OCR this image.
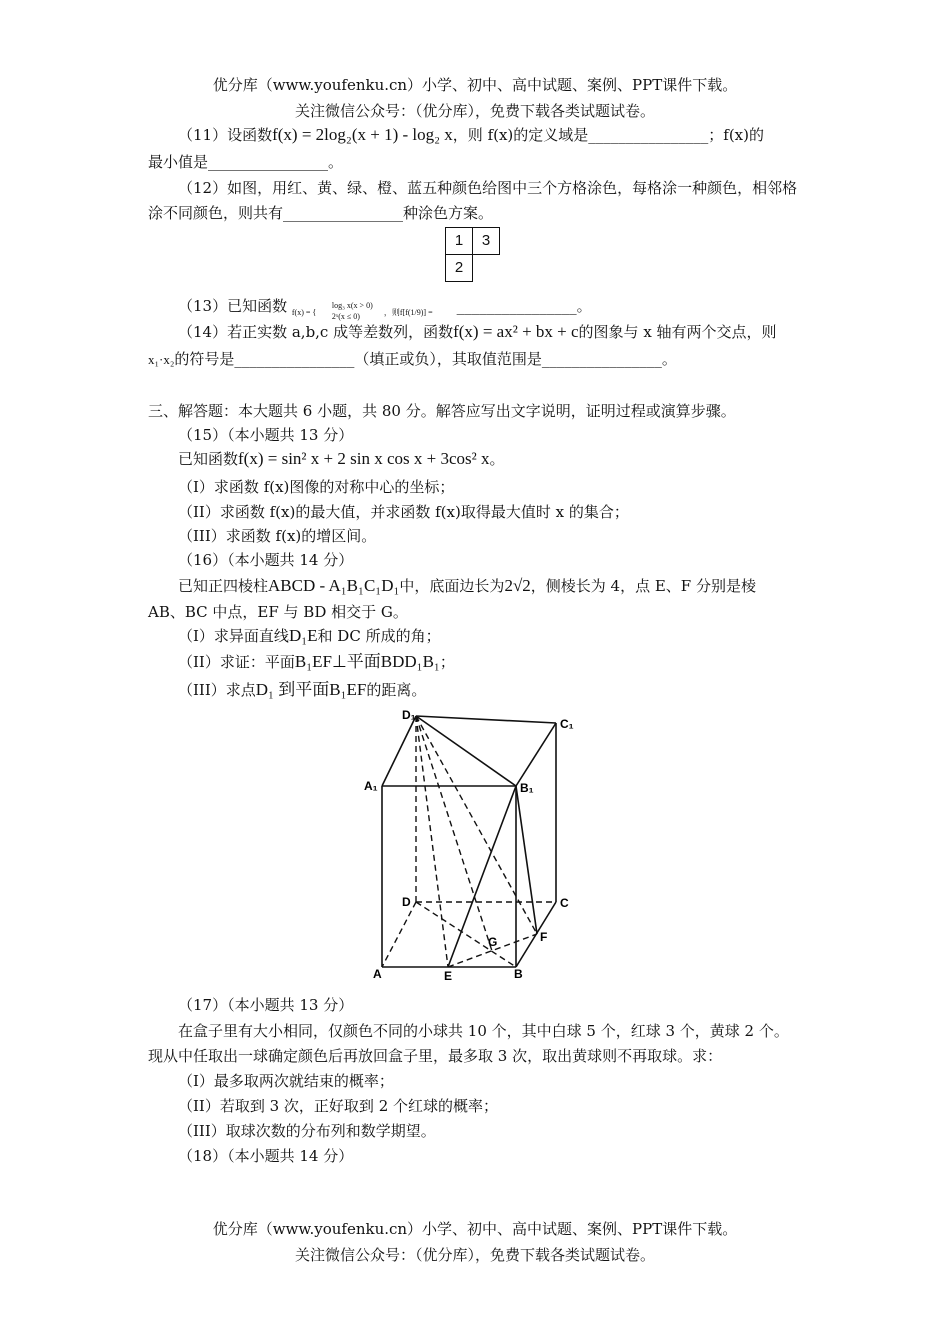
优分库（www.youfenku.cn）小学、初中、高中试题、案例、PPT课件下载。
关注微信公众号：（优分库），免费下载各类试题试卷。
（11）设函数f(x) = 2log₂(x + 1) - log₂ x，则 f(x)的定义域是________________；f(x)的
最小值是________________。
（12）如图，用红、黄、绿、橙、蓝五种颜色给图中三个方格涂色，每格涂一种颜色，相邻格
涂不同颜色，则共有________________种涂色方案。
1	3
2
（13）已知函数 f(x) = {
log₃ x(x > 0)
2ˣ(x ≤ 0)	，则f[f(1/9)] = ________________。
（14）若正实数 a,b,c 成等差数列，函数f(x) = ax² + bx + c的图象与 x 轴有两个交点，则
x₁·x₂的符号是________________（填正或负），其取值范围是________________。
三、解答题：本大题共 6 小题，共 80 分。解答应写出文字说明，证明过程或演算步骤。
（15）（本小题共 13 分）
已知函数f(x) = sin² x + 2 sin x cos x + 3cos² x。
（I）求函数 f(x)图像的对称中心的坐标；
（II）求函数 f(x)的最大值，并求函数 f(x)取得最大值时 x 的集合；
（III）求函数 f(x)的增区间。
（16）（本小题共 14 分）
已知正四棱柱ABCD - A₁B₁C₁D₁中，底面边长为2√2，侧棱长为 4，点 E、F 分别是棱
AB、BC 中点，EF 与 BD 相交于 G。
（I）求异面直线D₁E和 DC 所成的角；
（II）求证：平面B₁EF⊥平面BDD₁B₁；
（III）求点D₁ 到平面B₁EF的距离。
D₁
C₁
A₁	B₁
D	C
G	F
A	E	B
（17）（本小题共 13 分）
在盒子里有大小相同，仅颜色不同的小球共 10 个，其中白球 5 个，红球 3 个，黄球 2 个。
现从中任取出一球确定颜色后再放回盒子里，最多取 3 次，取出黄球则不再取球。求：
（I）最多取两次就结束的概率；
（II）若取到 3 次，正好取到 2 个红球的概率；
（III）取球次数的分布列和数学期望。
（18）（本小题共 14 分）
优分库（www.youfenku.cn）小学、初中、高中试题、案例、PPT课件下载。
关注微信公众号：（优分库），免费下载各类试题试卷。
